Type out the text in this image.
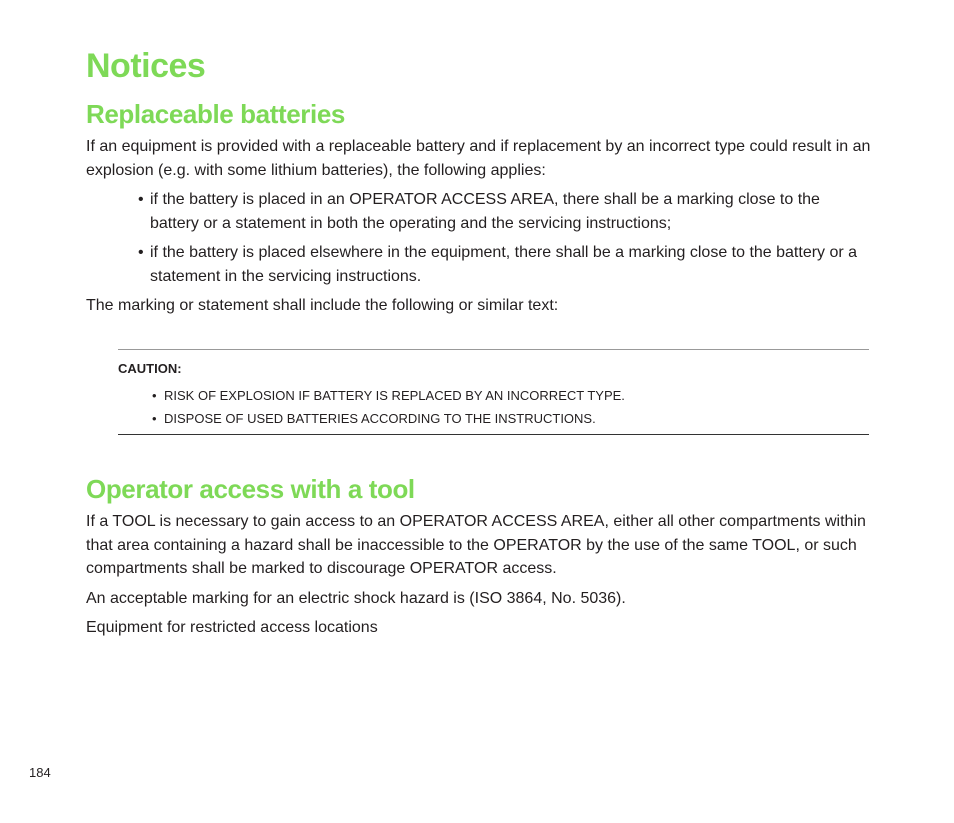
Notices
Replaceable batteries

If an equipment is provided with a replaceable battery and if replacement by an incorrect type could result in an explosion (e.g. with some lithium batteries), the following applies:

• if the battery is placed in an OPERATOR ACCESS AREA, there shall be a marking close to the battery or a statement in both the operating and the servicing instructions;
• if the battery is placed elsewhere in the equipment, there shall be a marking close to the battery or a statement in the servicing instructions.

The marking or statement shall include the following or similar text:

CAUTION:
• RISK OF EXPLOSION IF BATTERY IS REPLACED BY AN INCORRECT TYPE.
• DISPOSE OF USED BATTERIES ACCORDING TO THE INSTRUCTIONS.
Operator access with a tool

If a TOOL is necessary to gain access to an OPERATOR ACCESS AREA, either all other compartments within that area containing a hazard shall be inaccessible to the OPERATOR by the use of the same TOOL, or such compartments shall be marked to discourage OPERATOR access.

An acceptable marking for an electric shock hazard is (ISO 3864, No. 5036).

Equipment for restricted access locations

184
